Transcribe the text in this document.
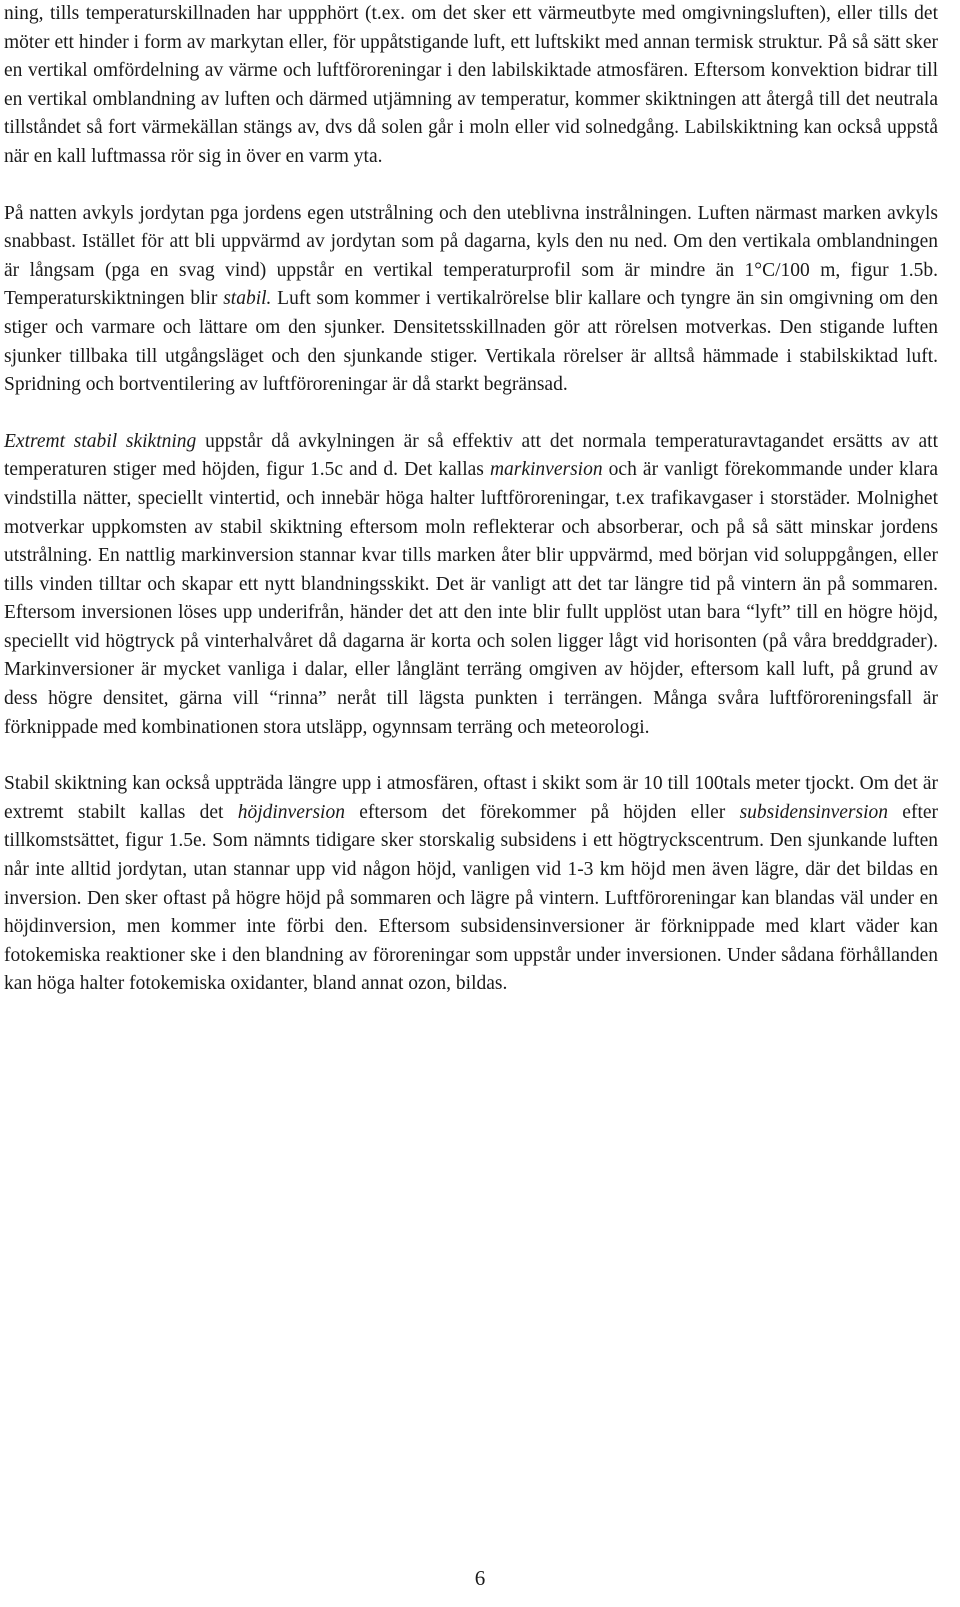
ning, tills temperaturskillnaden har uppphört (t.ex. om det sker ett värmeutbyte med omgivningsluften), eller tills det möter ett hinder i form av markytan eller, för uppåtstigande luft, ett luftskikt med annan termisk struktur. På så sätt sker en vertikal omfördelning av värme och luftföroreningar i den labilskiktade atmosfären. Eftersom konvektion bidrar till en vertikal omblandning av luften och därmed utjämning av temperatur, kommer skiktningen att återgå till det neutrala tillståndet så fort värmekällan stängs av, dvs då solen går i moln eller vid solnedgång. Labilskiktning kan också uppstå när en kall luftmassa rör sig in över en varm yta.

På natten avkyls jordytan pga jordens egen utstrålning och den uteblivna instrålningen. Luften närmast marken avkyls snabbast. Istället för att bli uppvärmd av jordytan som på dagarna, kyls den nu ned. Om den vertikala omblandningen är långsam (pga en svag vind) uppstår en vertikal temperaturprofil som är mindre än 1°C/100 m, figur 1.5b. Temperaturskiktningen blir stabil. Luft som kommer i vertikalrörelse blir kallare och tyngre än sin omgivning om den stiger och varmare och lättare om den sjunker. Densitetsskillnaden gör att rörelsen motverkas. Den stigande luften sjunker tillbaka till utgångsläget och den sjunkande stiger. Vertikala rörelser är alltså hämmade i stabilskiktad luft. Spridning och bortventilering av luftföroreningar är då starkt begränsad.

Extremt stabil skiktning uppstår då avkylningen är så effektiv att det normala temperaturavtagandet ersätts av att temperaturen stiger med höjden, figur 1.5c and d. Det kallas markinversion och är vanligt förekommande under klara vindstilla nätter, speciellt vintertid, och innebär höga halter luftföroreningar, t.ex trafikavgaser i storstäder. Molnighet motverkar uppkomsten av stabil skiktning eftersom moln reflekterar och absorberar, och på så sätt minskar jordens utstrålning. En nattlig markinversion stannar kvar tills marken åter blir uppvärmd, med början vid soluppgången, eller tills vinden tilltar och skapar ett nytt blandningsskikt. Det är vanligt att det tar längre tid på vintern än på sommaren. Eftersom inversionen löses upp underifrån, händer det att den inte blir fullt upplöst utan bara “lyft” till en högre höjd, speciellt vid högtryck på vinterhalvåret då dagarna är korta och solen ligger lågt vid horisonten (på våra breddgrader). Markinversioner är mycket vanliga i dalar, eller långlänt terräng omgiven av höjder, eftersom kall luft, på grund av dess högre densitet, gärna vill “rinna” neråt till lägsta punkten i terrängen. Många svåra luftföroreningsfall är förknippade med kombinationen stora utsläpp, ogynnsam terräng och meteorologi.

Stabil skiktning kan också uppträda längre upp i atmosfären, oftast i skikt som är 10 till 100tals meter tjockt. Om det är extremt stabilt kallas det höjdinversion eftersom det förekommer på höjden eller subsidensinversion efter tillkomstsättet, figur 1.5e. Som nämnts tidigare sker storskalig subsidens i ett högtryckscentrum. Den sjunkande luften når inte alltid jordytan, utan stannar upp vid någon höjd, vanligen vid 1-3 km höjd men även lägre, där det bildas en inversion. Den sker oftast på högre höjd på sommaren och lägre på vintern. Luftföroreningar kan blandas väl under en höjdinversion, men kommer inte förbi den. Eftersom subsidensinversioner är förknippade med klart väder kan fotokemiska reaktioner ske i den blandning av föroreningar som uppstår under inversionen. Under sådana förhållanden kan höga halter fotokemiska oxidanter, bland annat ozon, bildas.

6
